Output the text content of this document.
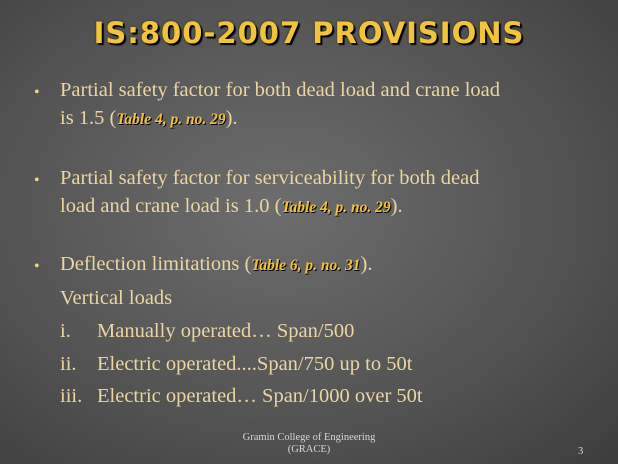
IS:800-2007 PROVISIONS
• Partial safety factor for both dead load and crane load
is 1.5 (Table 4, p. no. 29).
• Partial safety factor for serviceability for both dead
load and crane load is 1.0 (Table 4, p. no. 29).
• Deflection limitations (Table 6, p. no. 31).
Vertical loads
i. Manually operated… Span/500
ii. Electric operated....Span/750 up to 50t
iii. Electric operated… Span/1000 over 50t
Gramin College of Engineering
(GRACE)	3
